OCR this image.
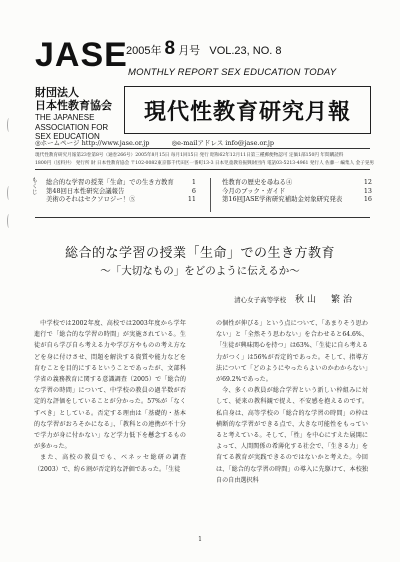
JASE
2005年 8 月号 VOL.23, NO. 8
MONTHLY REPORT SEX EDUCATION TODAY
財団法人
日本性教育協会
THE JAPANESE
ASSOCIATION FOR
SEX EDUCATION
現代性教育研究月報
◎ホームページ http://www.jase.or.jp	◎e-mailアドレス info@jase.or.jp
現代性教育研究月報第23巻第8号（通巻266号）2005年8月15日 毎月1回15日 発行 昭和62年12月11日第三種郵便物認可 定価1部150円 年間購読料
1800円（送料共） 発行所 財 日本性教育協会 〒102-0082東京都千代田区一番町13-3 日本児童教育振興財団内 電話03-5213-4961 発行人 佐藤一 編集人 金子晃男
もくじ
総合的な学習の授業「生命」での生き方教育	1
第48回日本性研究会議報告	6
美術のそれはセクソロジー！⑤	11
性教育の歴史を尋ねる④	12
今月のブック・ガイド	13
第16回JASE学術研究補助金対象研究発表	16
総合的な学習の授業「生命」での生き方教育
〜「大切なもの」をどのように伝えるか〜
清心女子高等学校 秋山　繁治

中学校では2002年度、高校では2003年度から学年進行で「総合的な学習の時間」が実施されている。生徒が自ら学び自ら考える力や学び方やものの考え方などを身に付けさせ、問題を解決する資質や能力などを育むことを目的にするということであったが、文部科学省の義務教育に関する意識調査（2005）で「総合的な学習の時間」について、中学校の教員の過半数が否定的な評価をしていることが分かった。57%が「なくすべき」としている。否定する理由は「基礎的・基本的な学習がおろそかになる」、「教科との連携が不十分で学力が身に付かない」など学力低下を懸念するものが多かった。

また、高校の教員でも、ベネッセ総研の調査（2003）で、約６割が否定的な評価であった。「生徒

の個性が伸びる」という点について、「あまりそう思わない」と「全然そう思わない」を合わせると64.6%、「生徒が興味関心を持つ」は63%、「生徒に自ら考える力がつく」は56%が否定的であった。そして、指導方法について「どのようにやったらよいのかわからない」が69.2%であった。

今、多くの教員が総合学習という新しい枠組みに対して、従来の教科観で捉え、不安感を抱えるのです。私自身は、高等学校の「総合的な学習の時間」の枠は横断的な学習ができる点で、大きな可能性をもっていると考えている。そして、「性」を中心にすえた展開によって、人間関係の希薄化する社会で、「生きる力」を育てる教育が実践できるのではないかと考えた。今回は、「総合的な学習の時間」の導入に先駆けて、本校独自の自由選択科

1
